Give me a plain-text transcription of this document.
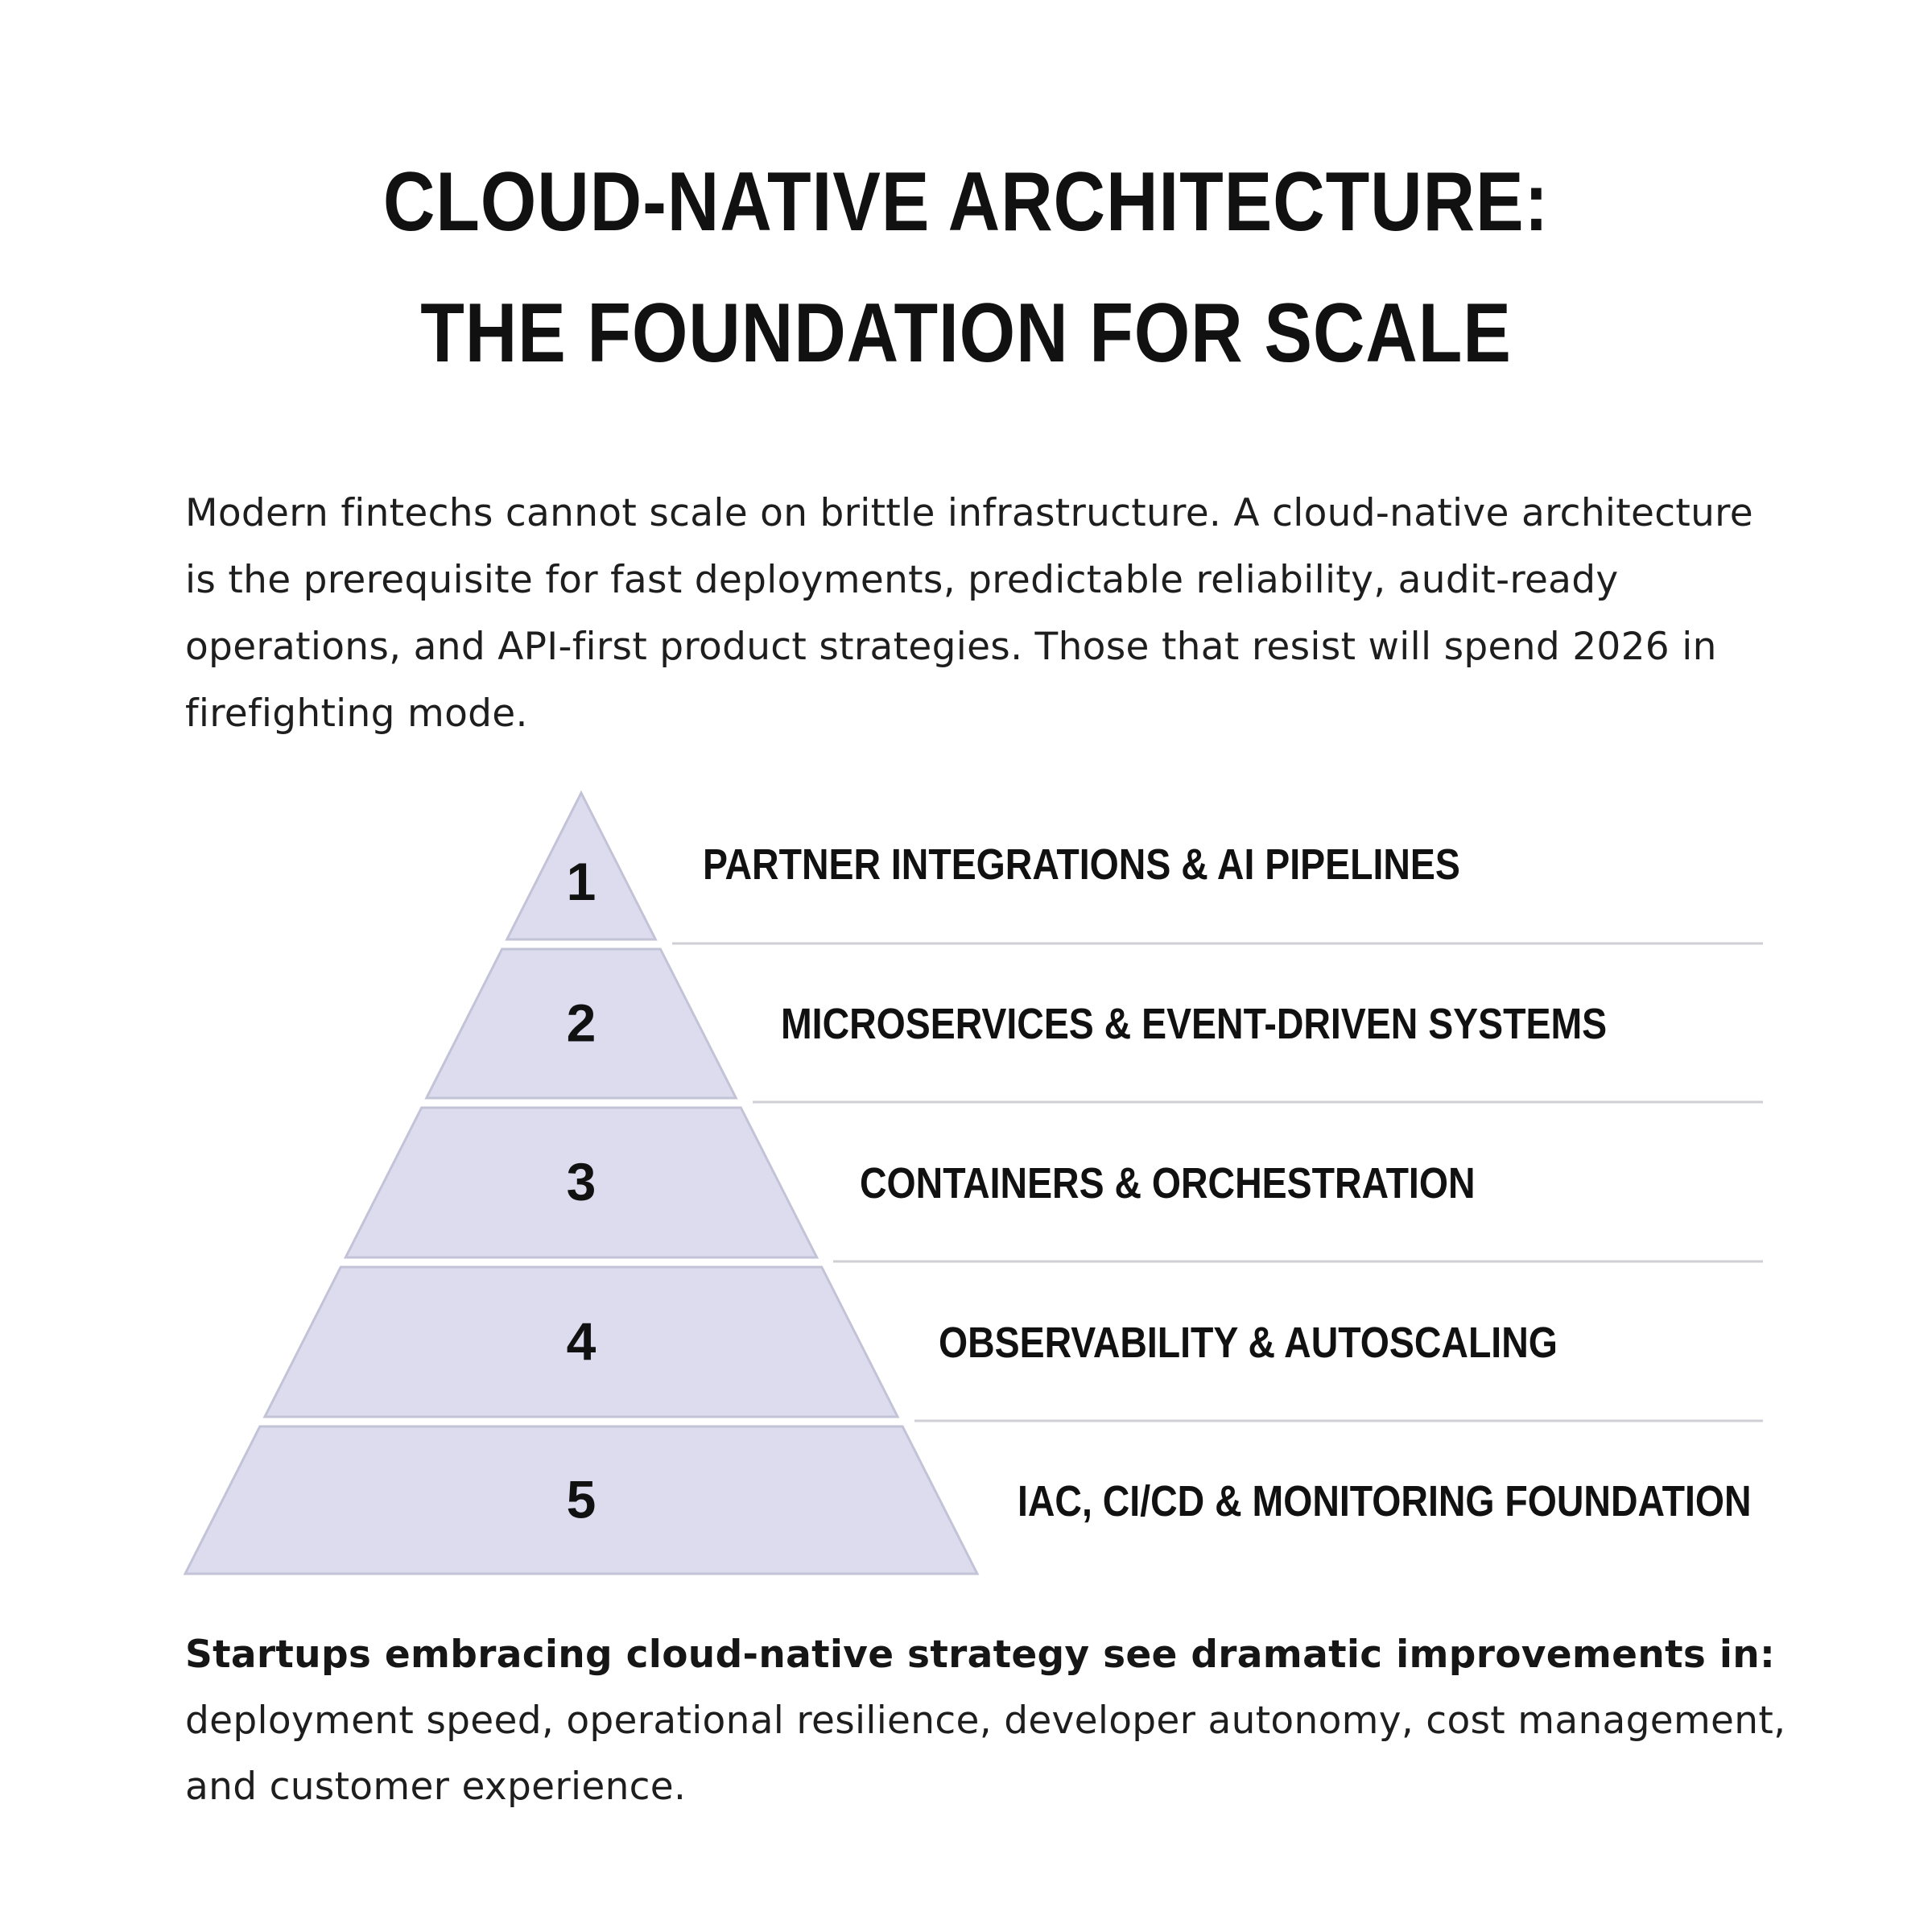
CLOUD-NATIVE ARCHITECTURE: THE FOUNDATION FOR SCALE

Modern fintechs cannot scale on brittle infrastructure. A cloud-native architecture is the prerequisite for fast deployments, predictable reliability, audit-ready operations, and API-first product strategies. Those that resist will spend 2026 in firefighting mode.

1 PARTNER INTEGRATIONS & AI PIPELINES
2	MICROSERVICES & EVENT-DRIVEN SYSTEMS
3	CONTAINERS & ORCHESTRATION
4	OBSERVABILITY & AUTOSCALING
5	IAC, CI/CD & MONITORING FOUNDATION

Startups embracing cloud-native strategy see dramatic improvements in: deployment speed, operational resilience, developer autonomy, cost management, and customer experience.
